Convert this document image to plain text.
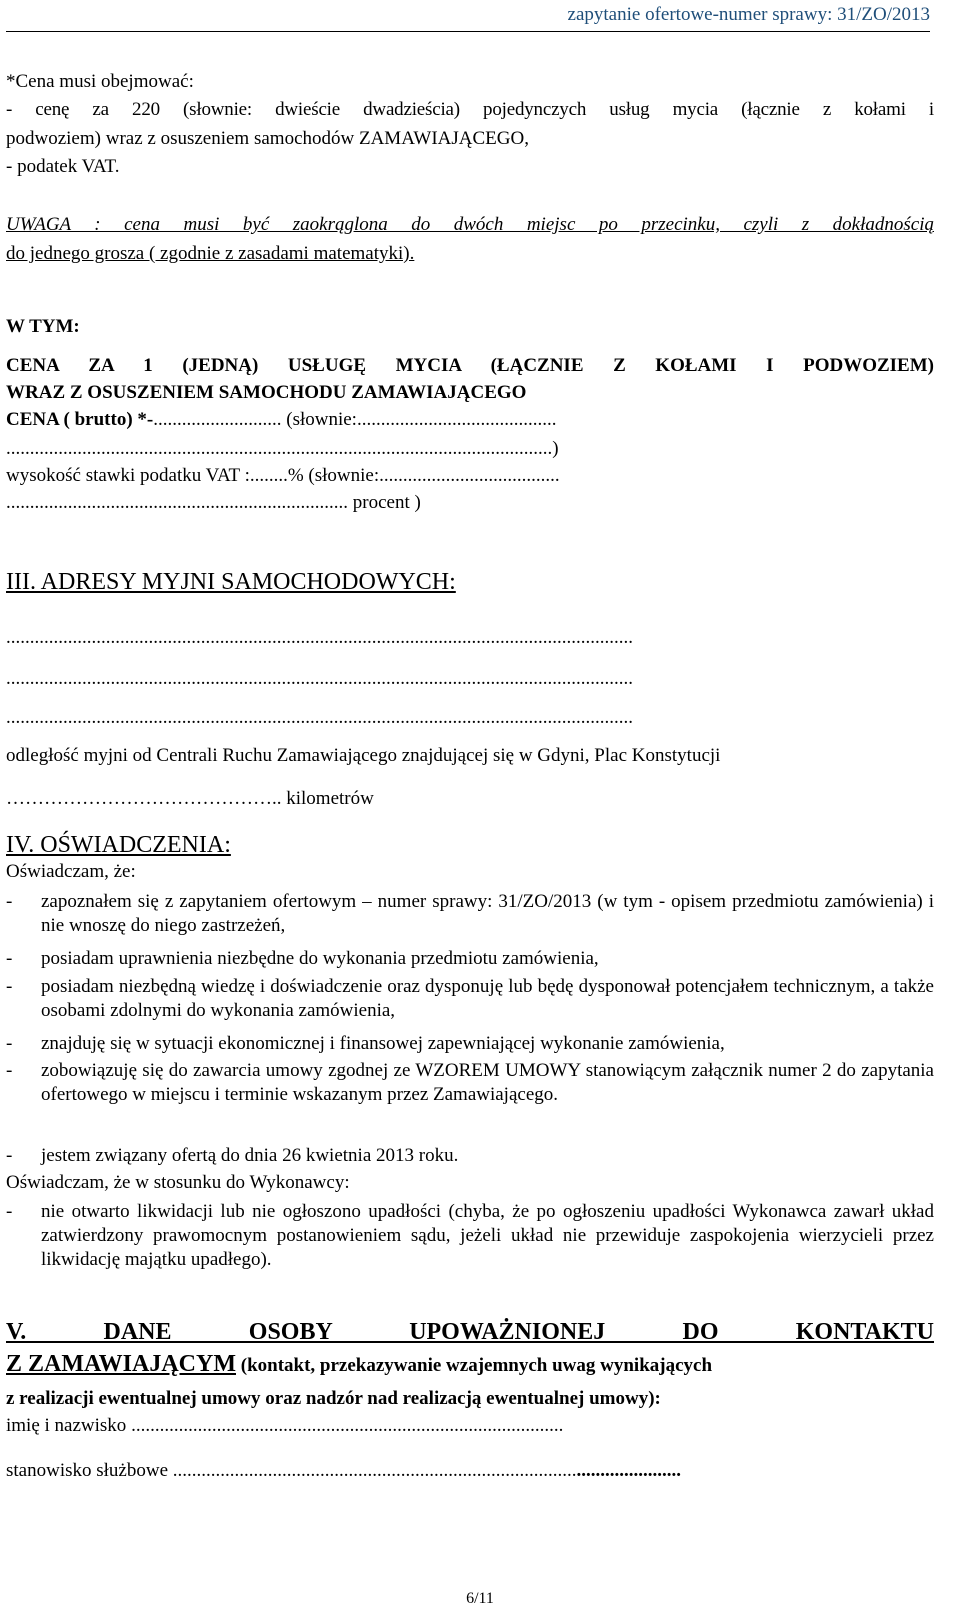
zapytanie ofertowe-numer sprawy: 31/ZO/2013
*Cena musi obejmować:
- cenę za 220 (słownie: dwieście dwadzieścia) pojedynczych usług mycia (łącznie z kołami i
podwoziem) wraz z osuszeniem samochodów ZAMAWIAJĄCEGO,
- podatek VAT.
UWAGA : cena musi być zaokrąglona do dwóch miejsc po przecinku, czyli z dokładnością
do jednego grosza ( zgodnie z zasadami matematyki).
W TYM:
CENA ZA 1 (JEDNĄ) USŁUGĘ MYCIA (ŁĄCZNIE Z KOŁAMI I PODWOZIEM)
WRAZ Z OSUSZENIEM SAMOCHODU ZAMAWIAJĄCEGO
CENA ( brutto) *-........................... (słownie:..........................................
...................................................................................................................)
wysokość stawki podatku VAT :........% (słownie:......................................
........................................................................ procent )
III. ADRESY MYJNI SAMOCHODOWYCH:
....................................................................................................................................
....................................................................................................................................
....................................................................................................................................
odległość myjni od Centrali Ruchu Zamawiającego znajdującej się w Gdyni, Plac Konstytucji
…………………………………….. kilometrów
IV. OŚWIADCZENIA:
Oświadczam, że:
- zapoznałem się z zapytaniem ofertowym – numer sprawy: 31/ZO/2013 (w tym - opisem przedmiotu zamówienia) i nie wnoszę do niego zastrzeżeń,
- posiadam uprawnienia niezbędne do wykonania przedmiotu zamówienia,
- posiadam niezbędną wiedzę i doświadczenie oraz dysponuję lub będę dysponował potencjałem technicznym, a także osobami zdolnymi do wykonania zamówienia,
- znajduję się w sytuacji ekonomicznej i finansowej zapewniającej wykonanie zamówienia,
- zobowiązuję się do zawarcia umowy zgodnej ze WZOREM UMOWY stanowiącym załącznik numer 2 do zapytania ofertowego w miejscu i terminie wskazanym przez Zamawiającego.
- jestem związany ofertą do dnia 26 kwietnia 2013 roku.
Oświadczam, że w stosunku do Wykonawcy:
- nie otwarto likwidacji lub nie ogłoszono upadłości (chyba, że po ogłoszeniu upadłości Wykonawca zawarł układ zatwierdzony prawomocnym postanowieniem sądu, jeżeli układ nie przewiduje zaspokojenia wierzycieli przez likwidację majątku upadłego).
V. DANE OSOBY UPOWAŻNIONEJ DO KONTAKTU
Z ZAMAWIAJĄCYM (kontakt, przekazywanie wzajemnych uwag wynikających
z realizacji ewentualnej umowy oraz nadzór nad realizacją ewentualnej umowy):
imię i nazwisko ...........................................................................................
stanowisko służbowe ...........................................................................................................
6/11
